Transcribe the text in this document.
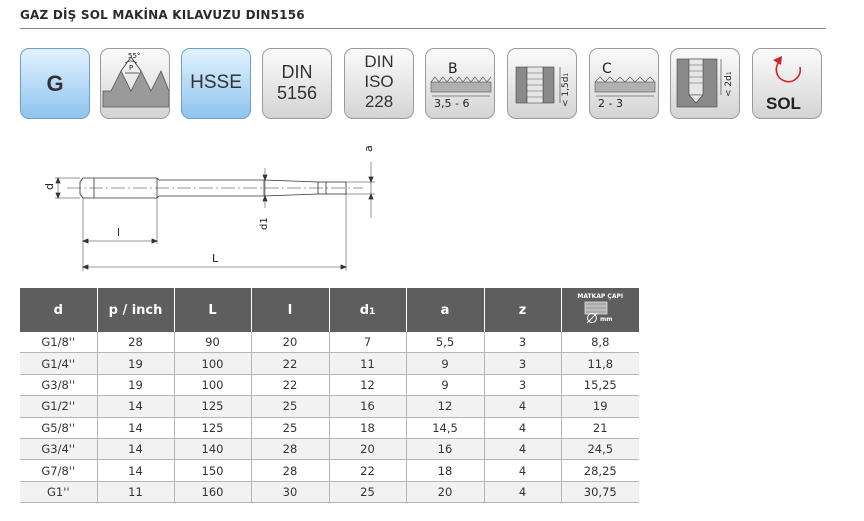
GAZ DİŞ SOL MAKİNA KILAVUZU DIN5156
G
55°
P
HSSE	DIN
5156
DIN
ISO
228
B
3,5 - 6	< 1,5d1 C
2 - 3
< 2d1
SOL
d
l
L
d1
a
d	p / inch	L	l	d1	a	z	MATKAP ÇAPI
mm

G1/8''	28	90	20	7	5,5	3	8,8
G1/4''	19	100	22	11	9	3	11,8
G3/8''	19	100	22	12	9	3	15,25
G1/2''	14	125	25	16	12	4	19
G5/8''	14	125	25	18	14,5	4	21
G3/4''	14	140	28	20	16	4	24,5
G7/8''	14	150	28	22	18	4	28,25
G1''	11	160	30	25	20	4	30,75
